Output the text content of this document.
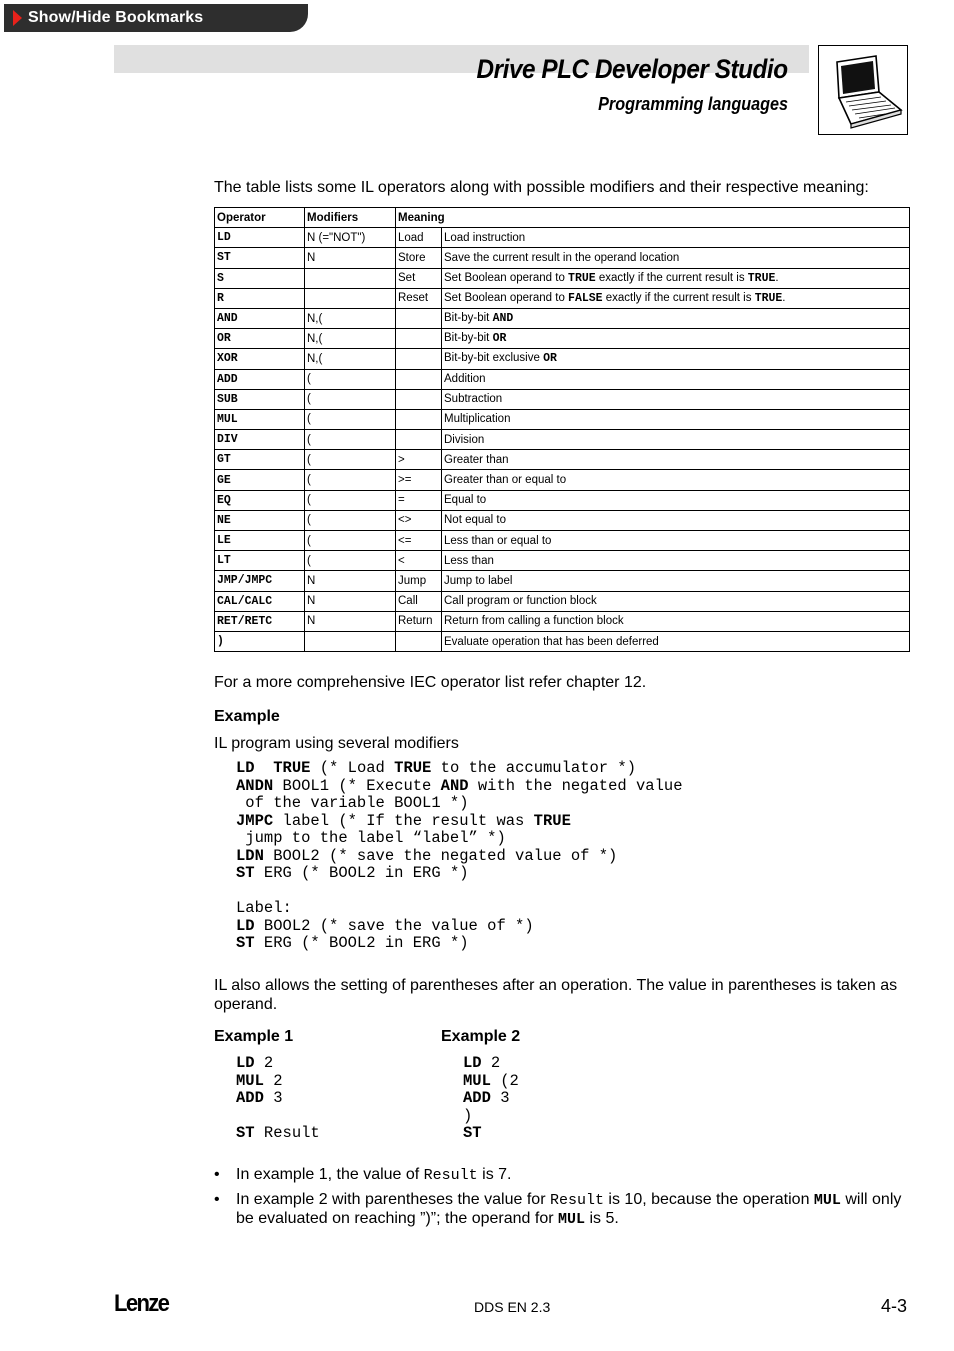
Show/Hide Bookmarks
Drive PLC Developer Studio
Programming languages
The table lists some IL operators along with possible modifiers and their respective meaning:
Operator	Modifiers	Meaning	
LD	N (="NOT")	Load	Load instruction
ST	N	Store	Save the current result in the operand location
S		Set	Set Boolean operand to TRUE exactly if the current result is TRUE.
R		Reset	Set Boolean operand to FALSE exactly if the current result is TRUE.
AND	N,(		Bit-by-bit AND
OR	N,(		Bit-by-bit OR
XOR	N,(		Bit-by-bit exclusive OR
ADD	(		Addition
SUB	(		Subtraction
MUL	(		Multiplication
DIV	(		Division
GT	(	>	Greater than
GE	(	>=	Greater than or equal to
EQ	(	=	Equal to
NE	(	<>	Not equal to
LE	(	<=	Less than or equal to
LT	(	<	Less than
JMP/JMPC	N	Jump	Jump to label
CAL/CALC	N	Call	Call program or function block
RET/RETC	N	Return	Return from calling a function block
)			Evaluate operation that has been deferred
For a more comprehensive IEC operator list refer chapter 12.
Example
IL program using several modifiers
LD TRUE (* Load TRUE to the accumulator *)
ANDN BOOL1 (* Execute AND with the negated value
of the variable BOOL1 *)
JMPC label (* If the result was TRUE
jump to the label “label” *)
LDN BOOL2 (* save the negated value of *)
ST ERG (* BOOL2 in ERG *)

Label:
LD BOOL2 (* save the value of *)
ST ERG (* BOOL2 in ERG *)
IL also allows the setting of parentheses after an operation. The value in parentheses is taken as operand.
Example 1	Example 2
LD 2
MUL 2
ADD 3

ST Result
LD 2
MUL (2
ADD 3
)
ST
• In example 1, the value of Result is 7.
• In example 2 with parentheses the value for Result is 10, because the operation MUL will only be evaluated on reaching ”)”; the operand for MUL is 5.
Lenze	DDS EN 2.3	4-3
